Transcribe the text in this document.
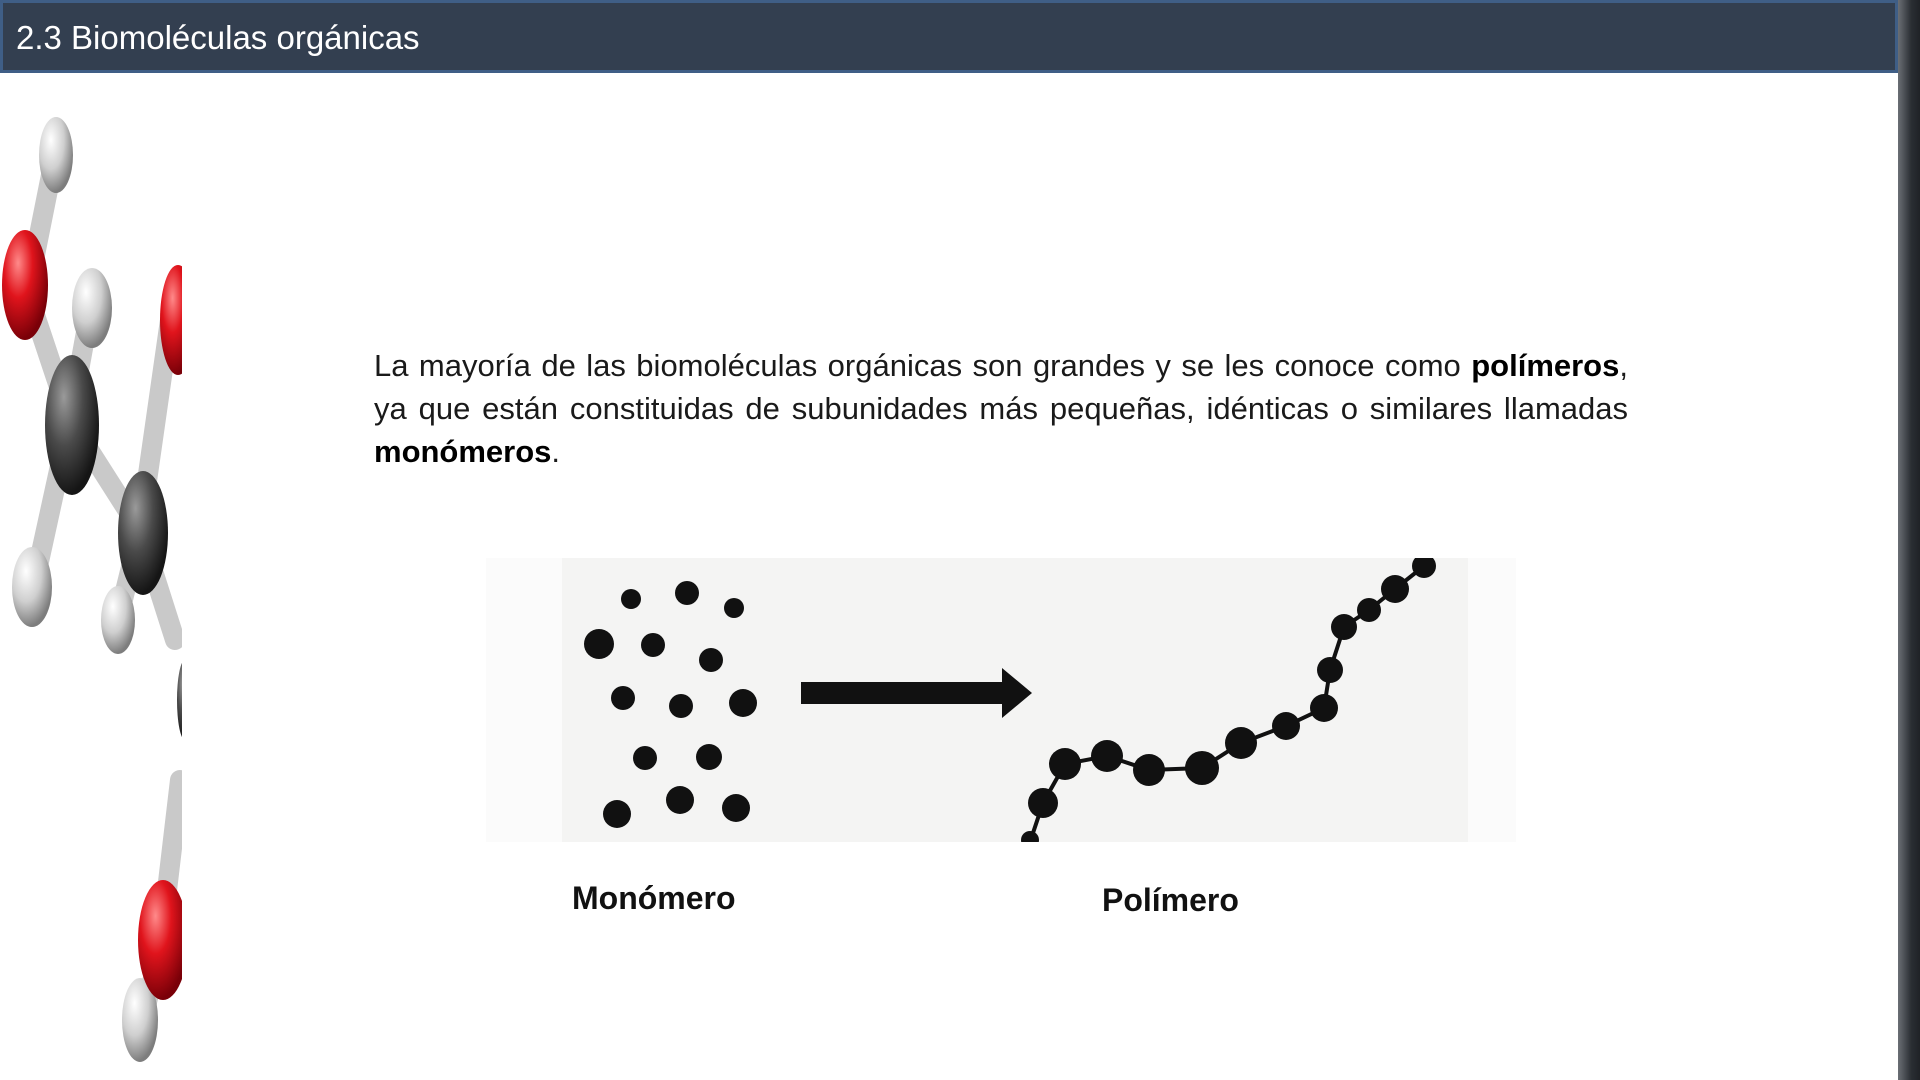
2.3 Biomoléculas orgánicas
La mayoría de las biomoléculas orgánicas son grandes y se les conoce como polímeros, ya que están constituidas de subunidades más pequeñas, idénticas o similares llamadas monómeros.
Monómero	Polímero
